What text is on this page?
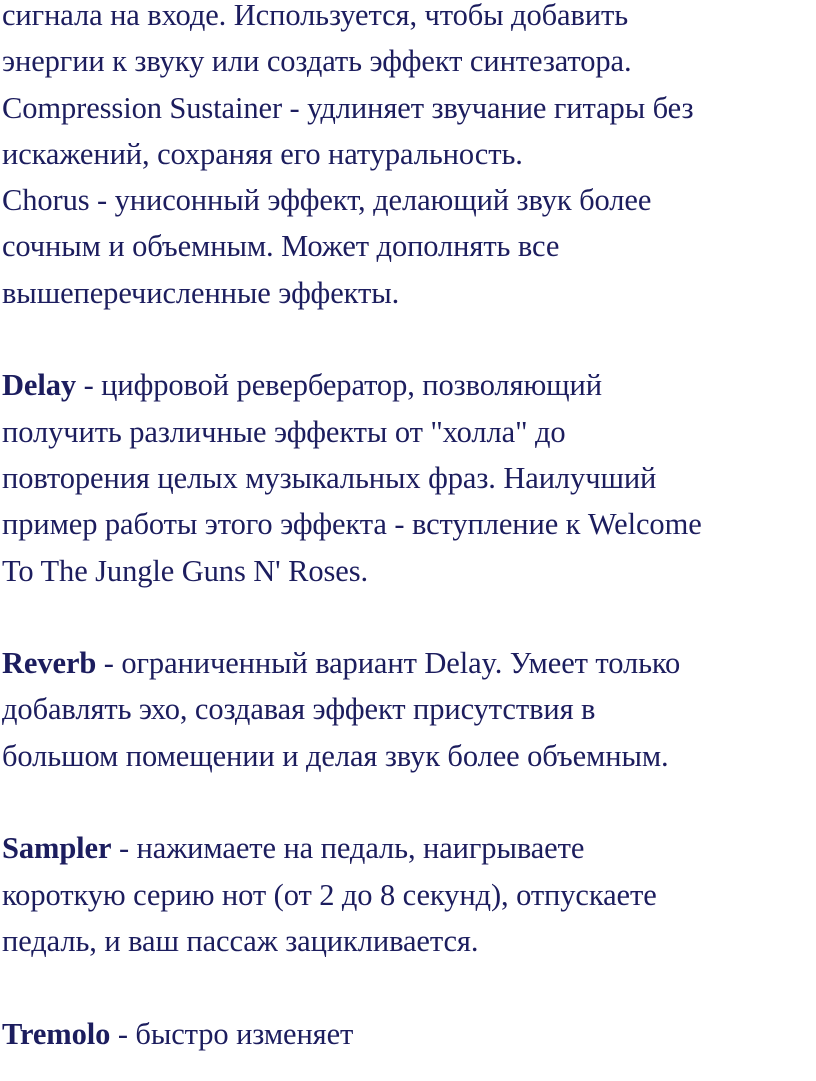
сигнала на входе. Используется, чтобы добавить
энергии к звуку или создать эффект синтезатора.
Compression Sustainer - удлиняет звучание гитары без
искажений, сохраняя его натуральность.
Chorus - унисонный эффект, делающий звук более
сочным и объемным. Может дополнять все
вышеперечисленные эффекты.
Delay - цифровой ревербератор, позволяющий
получить различные эффекты от "холла" до
повторения целых музыкальных фраз. Наилучший
пример работы этого эффекта - вступление к Welcome
To The Jungle Guns N' Roses.
Reverb - ограниченный вариант Delay. Умеет только
добавлять эхо, создавая эффект присутствия в
большом помещении и делая звук более объемным.
Sampler - нажимаете на педаль, наигрываете
короткую серию нот (от 2 до 8 секунд), отпускаете
педаль, и ваш пассаж зацикливается.
Tremolo - быстро изменяет
